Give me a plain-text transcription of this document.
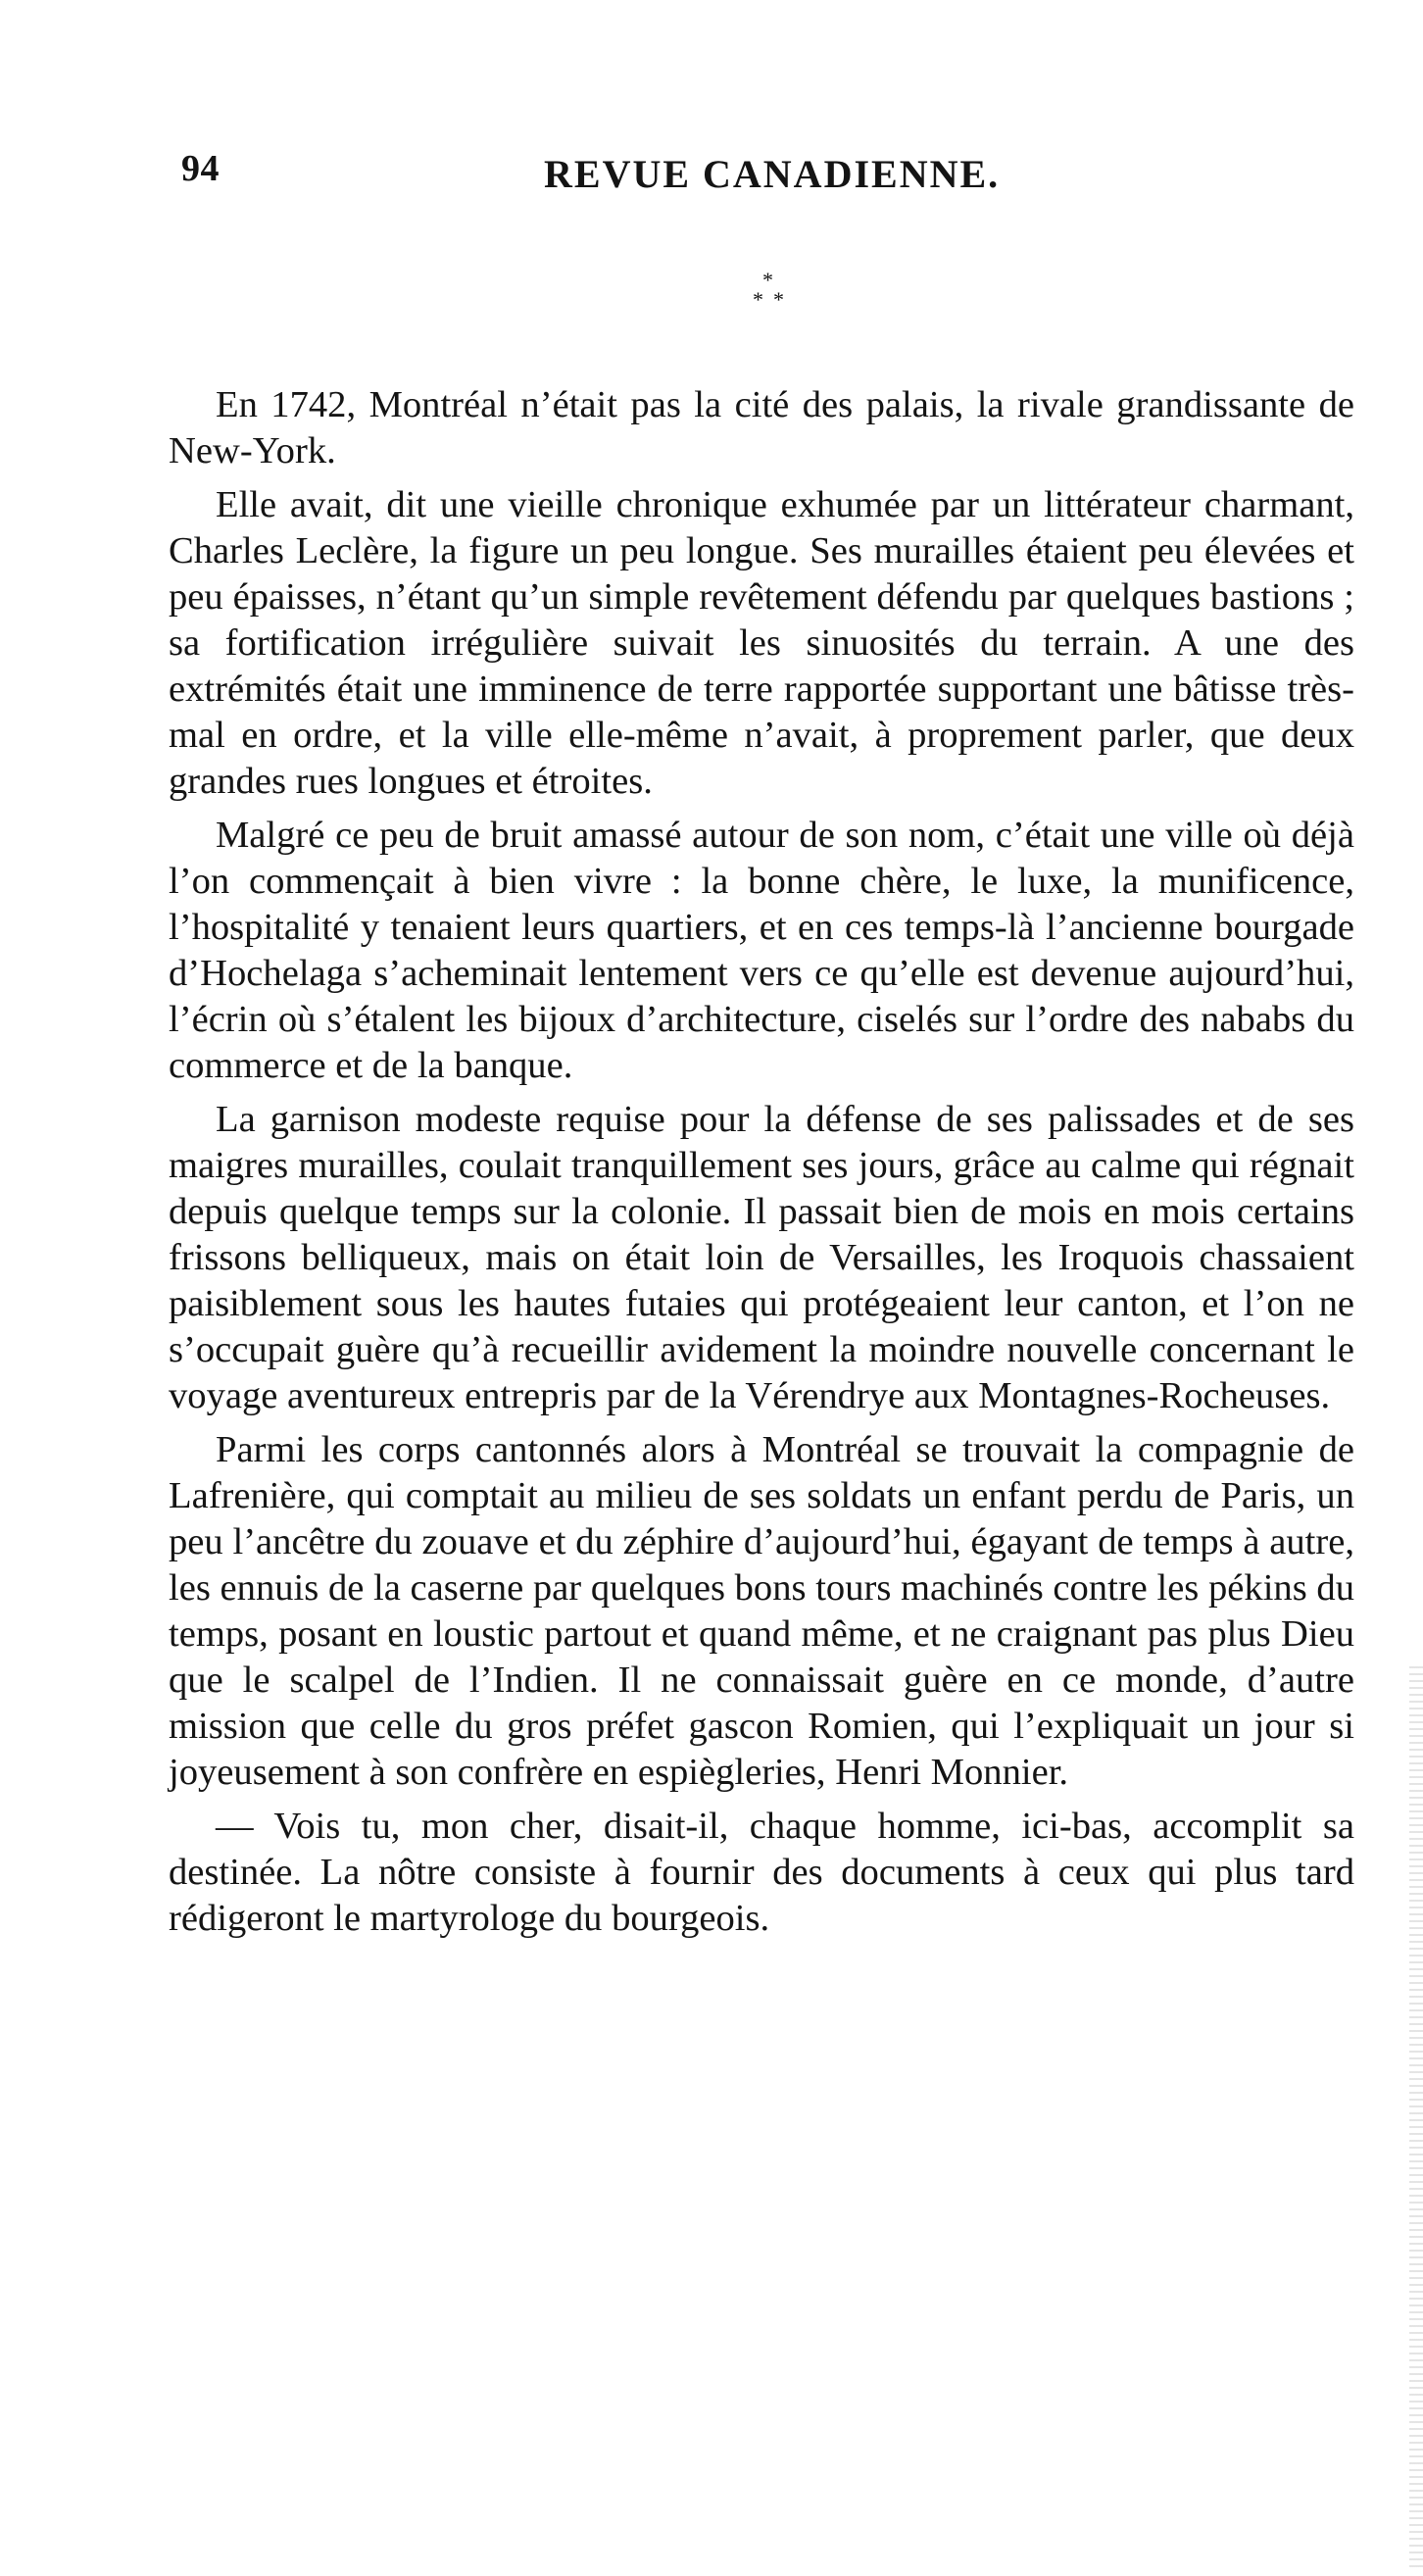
94	REVUE CANADIENNE.
*
* *

En 1742, Montréal n’était pas la cité des palais, la rivale grandissante de New-York.

Elle avait, dit une vieille chronique exhumée par un littérateur charmant, Charles Leclère, la figure un peu longue. Ses murailles étaient peu élevées et peu épaisses, n’étant qu’un simple revêtement défendu par quelques bastions ; sa fortification irrégulière suivait les sinuosités du terrain. A une des extrémités était une imminence de terre rapportée supportant une bâtisse très-mal en ordre, et la ville elle-même n’avait, à proprement parler, que deux grandes rues longues et étroites.

Malgré ce peu de bruit amassé autour de son nom, c’était une ville où déjà l’on commençait à bien vivre : la bonne chère, le luxe, la munificence, l’hospitalité y tenaient leurs quartiers, et en ces temps-là l’ancienne bourgade d’Hochelaga s’acheminait lentement vers ce qu’elle est devenue aujourd’hui, l’écrin où s’étalent les bijoux d’architecture, ciselés sur l’ordre des nababs du commerce et de la banque.

La garnison modeste requise pour la défense de ses palissades et de ses maigres murailles, coulait tranquillement ses jours, grâce au calme qui régnait depuis quelque temps sur la colonie. Il passait bien de mois en mois certains frissons belliqueux, mais on était loin de Versailles, les Iroquois chassaient paisiblement sous les hautes futaies qui protégeaient leur canton, et l’on ne s’occupait guère qu’à recueillir avidement la moindre nouvelle concernant le voyage aventureux entrepris par de la Vérendrye aux Montagnes-Rocheuses.

Parmi les corps cantonnés alors à Montréal se trouvait la compagnie de Lafrenière, qui comptait au milieu de ses soldats un enfant perdu de Paris, un peu l’ancêtre du zouave et du zéphire d’aujourd’hui, égayant de temps à autre, les ennuis de la caserne par quelques bons tours machinés contre les pékins du temps, posant en loustic partout et quand même, et ne craignant pas plus Dieu que le scalpel de l’Indien. Il ne connaissait guère en ce monde, d’autre mission que celle du gros préfet gascon Romien, qui l’expliquait un jour si joyeusement à son confrère en espiègleries, Henri Monnier.

— Vois tu, mon cher, disait-il, chaque homme, ici-bas, accomplit sa destinée. La nôtre consiste à fournir des documents à ceux qui plus tard rédigeront le martyrologe du bourgeois.
